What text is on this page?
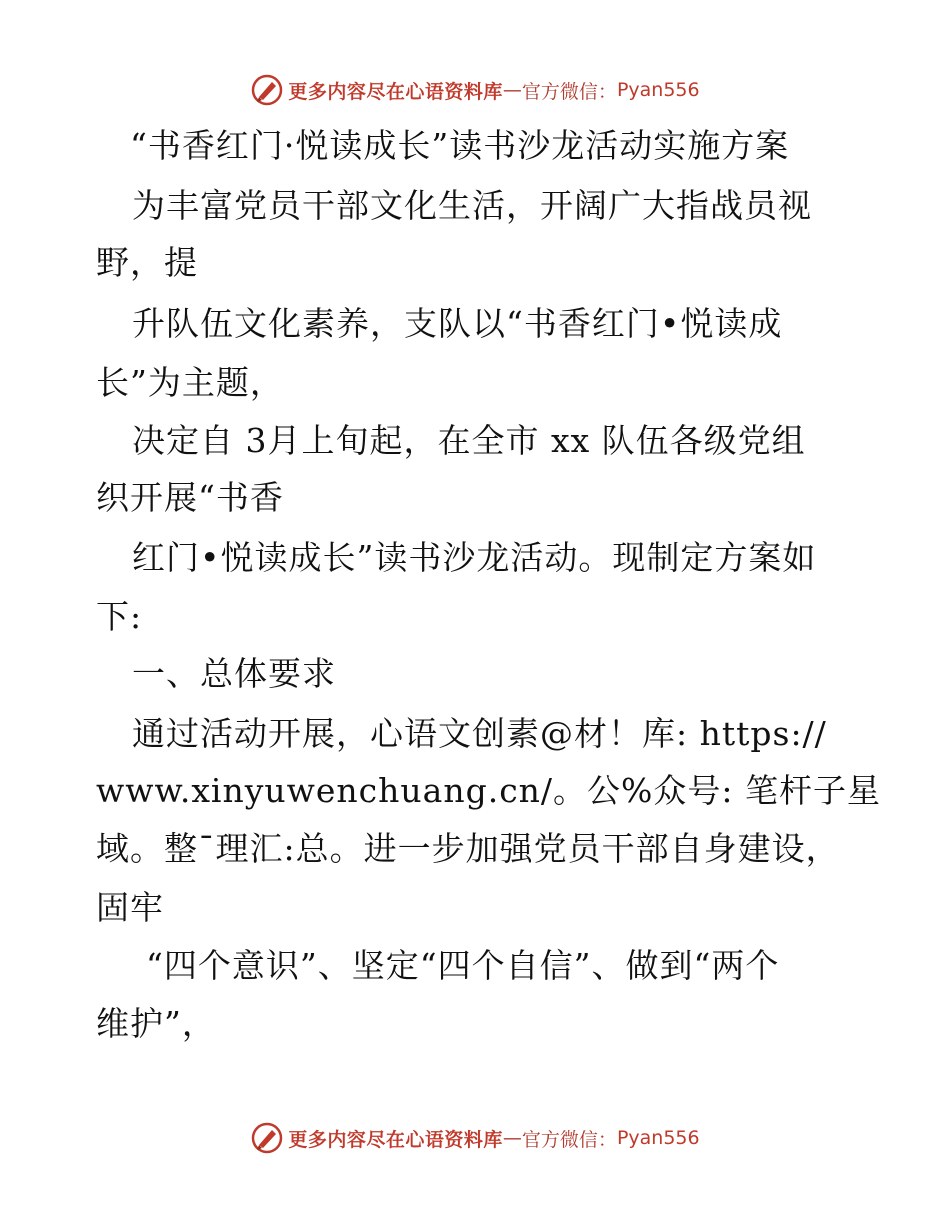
更多内容尽在心语资料库 — 官方微信： Pyan556
“书香红门·悦读成长”读书沙龙活动实施方案
为丰富党员干部文化生活，开阔广大指战员视
野，提
升队伍文化素养，支队以“书香红门•悦读成
长”为主题，
决定自 3月上旬起，在全市 xx 队伍各级党组
织开展“书香
红门•悦读成长”读书沙龙活动。现制定方案如
下:
一、总体要求
通过活动开展，心语文创素@材！库: https://
www.xinyuwenchuang.cn/。公%众号: 笔杆子星
域。整¯理汇:总。进一步加强党员干部自身建设，
固牢
“四个意识”、坚定“四个自信”、做到“两个
维护”，
更多内容尽在心语资料库 — 官方微信： Pyan556
